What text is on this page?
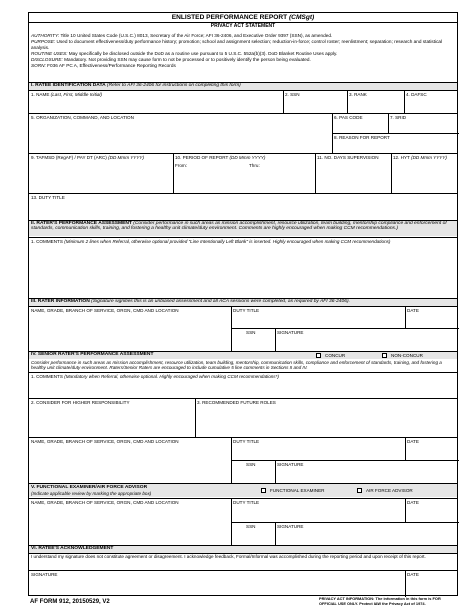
ENLISTED PERFORMANCE REPORT (CMSgt)
PRIVACY ACT STATEMENT
AUTHORITY: Title 10 United States Code (U.S.C.) 8013, Secretary of the Air Force; AFI 36-2406, and Executive Order 9397 (SSN), as amended.
PURPOSE: Used to document effectiveness/duty performance history; promotion; school and assignment selection; reduction-in-force; control roster; reenlistment; separation; research and statistical analysis.
ROUTINE USES: May specifically be disclosed outside the DoD as a routine use pursuant to 5 U.S.C. 552a(b)(3). DoD Blanket Routine Uses apply.
DISCLOSURE: Mandatory. Not providing SSN may cause form to not be processed or to positively identify the person being evaluated.
SORN: F036 AF PC A, Effectiveness/Performance Reporting Records
I. RATEE IDENTIFICATION DATA (Refer to AFI 36-2406 for instructions on completing this form)
1. NAME (Last, First, Middle Initial)	2. SSN	3. RANK	4. DAFSC
5. ORGANIZATION, COMMAND, AND LOCATION	6. PAS CODE	7. SRID
8. REASON FOR REPORT
9. TAFMSD (RegAF) / PAY DT (ARC) (DD Mmm YYYY)	10. PERIOD OF REPORT (DD Mmm YYYY)
From:	Thru:
11. NO. DAYS SUPERVISION	12. HYT (DD Mmm YYYY)
13. DUTY TITLE
II. RATER'S PERFORMANCE ASSESSMENT (Consider performance in such areas as mission accomplishment, resource utilization, team building, mentorship compliance and enforcement of standards, communication skills, training, and fostering a healthy unit climate/duty environment. Comments are highly encouraged when making CCM recommendations.)
1. COMMENTS (Minimum 2 lines when Referral, otherwise optional provided "Line Intentionally Left Blank" is inserted. Highly encouraged when making CCM recommendations)
III. RATER INFORMATION (Signature signifies this is an unbiased assessment and all ACA sessions were completed, as required by AFI 36-2406).
NAME, GRADE, BRANCH OF SERVICE, ORGN, CMD AND LOCATION	DUTY TITLE	DATE
SSN	SIGNATURE
IV. SENIOR RATER'S PERFORMANCE ASSESSMENT	CONCUR	NON-CONCUR
Consider performance in such areas as mission accomplishment, resource utilization, team building, mentorship, communication skills, compliance and enforcement of standards, training, and fostering a healthy unit climate/duty environment. Raters/Senior Raters are encouraged to include cumulative 5 line comments in Sections II and IV.
1. COMMENTS (Mandatory when Referral, otherwise optional. Highly encouraged when making CCM recommendations*)
2. CONSIDER FOR HIGHER RESPONSIBILITY	3. RECOMMENDED FUTURE ROLES
NAME, GRADE, BRANCH OF SERVICE, ORGN, CMD AND LOCATION	DUTY TITLE	DATE
SSN	SIGNATURE
V. FUNCTIONAL EXAMINER/AIR FORCE ADVISOR
(Indicate applicable review by marking the appropriate box)
FUNCTIONAL EXAMINER	AIR FORCE ADVISOR
NAME, GRADE, BRANCH OF SERVICE, ORGN, CMD AND LOCATION	DUTY TITLE	DATE
SSN	SIGNATURE
VI. RATEE'S ACKNOWLEDGEMENT
I understand my signature does not constitute agreement or disagreement. I acknowledge feedback, Formal/Informal was accomplished during the reporting period and upon receipt of this report.
SIGNATURE	DATE
AF FORM 912, 20150529, V2
PRIVACY ACT INFORMATION: The information in this form is FOR OFFICIAL USE ONLY. Protect IAW the Privacy Act of 1974.
